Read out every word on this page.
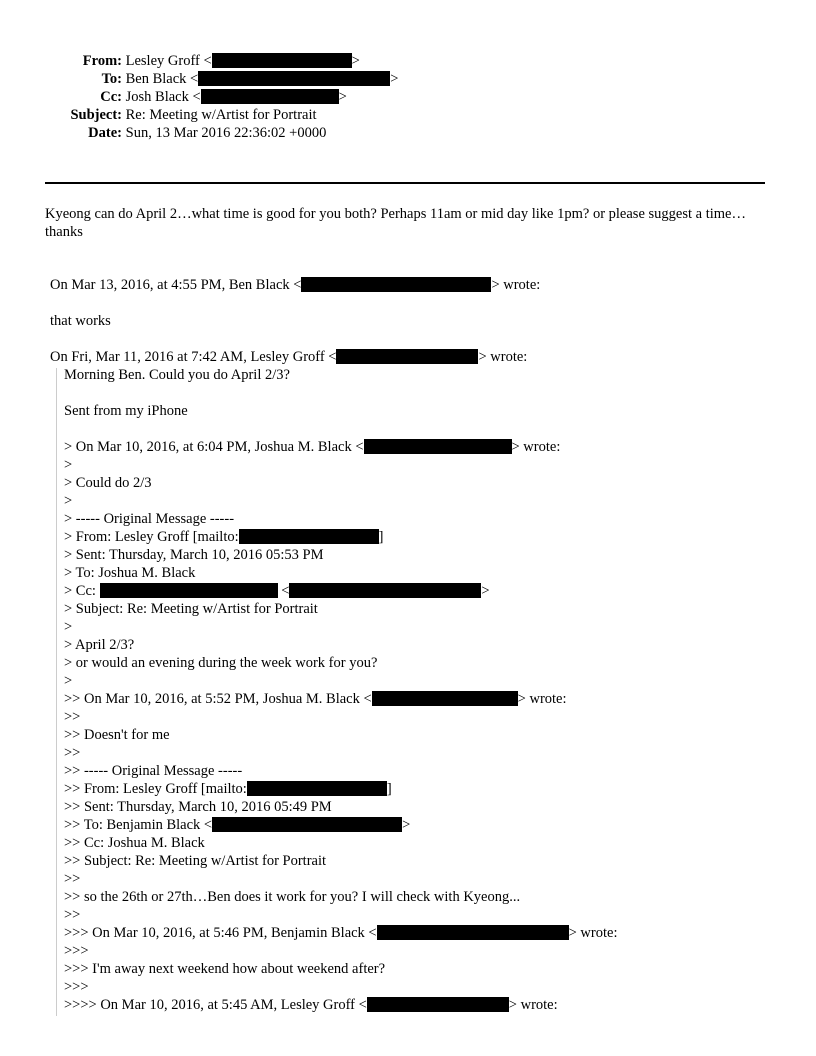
From: Lesley Groff <	>
To: Ben Black <	>
Cc: Josh Black <	>
Subject: Re: Meeting w/Artist for Portrait
Date: Sun, 13 Mar 2016 22:36:02 +0000
Kyeong can do April 2…what time is good for you both? Perhaps 11am or mid day like 1pm? or please suggest a time…thanks
On Mar 13, 2016, at 4:55 PM, Ben Black <	> wrote:
that works
On Fri, Mar 11, 2016 at 7:42 AM, Lesley Groff <	> wrote:
Morning Ben. Could you do April 2/3?
Sent from my iPhone
> On Mar 10, 2016, at 6:04 PM, Joshua M. Black <	> wrote:
>
> Could do 2/3
>
> ----- Original Message -----
> From: Lesley Groff [mailto:	]
> Sent: Thursday, March 10, 2016 05:53 PM
> To: Joshua M. Black
> Cc:	<	>
> Subject: Re: Meeting w/Artist for Portrait
>
> April 2/3?
> or would an evening during the week work for you?
>
>> On Mar 10, 2016, at 5:52 PM, Joshua M. Black <	> wrote:
>>
>> Doesn't for me
>>
>> ----- Original Message -----
>> From: Lesley Groff [mailto:	]
>> Sent: Thursday, March 10, 2016 05:49 PM
>> To: Benjamin Black <	>
>> Cc: Joshua M. Black
>> Subject: Re: Meeting w/Artist for Portrait
>>
>> so the 26th or 27th…Ben does it work for you? I will check with Kyeong...
>>
>>> On Mar 10, 2016, at 5:46 PM, Benjamin Black <	> wrote:
>>>
>>> I'm away next weekend how about weekend after?
>>>
>>>> On Mar 10, 2016, at 5:45 AM, Lesley Groff <	> wrote:
